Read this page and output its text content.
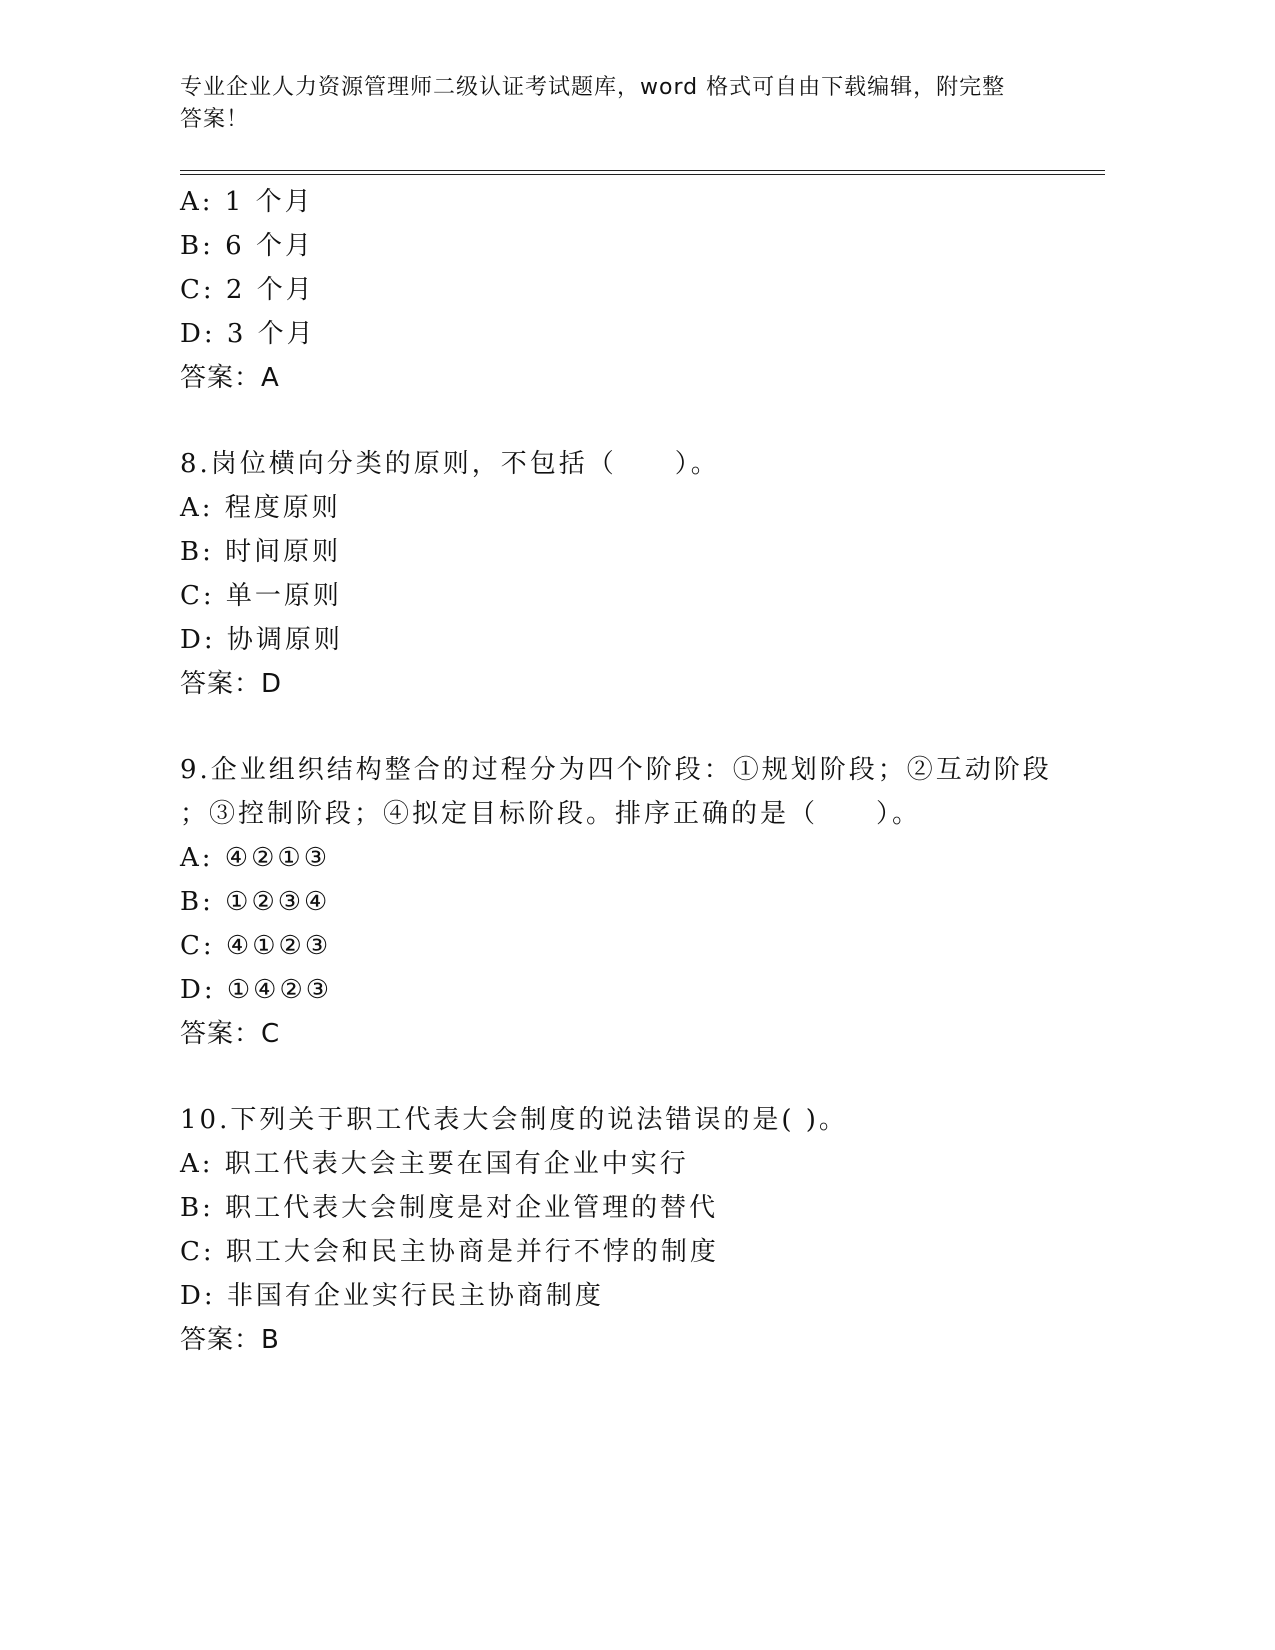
专业企业人力资源管理师二级认证考试题库，word 格式可自由下载编辑，附完整
答案！
A: 1 个月
B: 6 个月
C: 2 个月
D: 3 个月
答案：A
8.岗位横向分类的原则，不包括（　　）。
A: 程度原则
B: 时间原则
C: 单一原则
D: 协调原则
答案：D
9.企业组织结构整合的过程分为四个阶段：①规划阶段；②互动阶段
；③控制阶段；④拟定目标阶段。排序正确的是（　　）。
A: ④②①③
B: ①②③④
C: ④①②③
D: ①④②③
答案：C
10.下列关于职工代表大会制度的说法错误的是( )。
A: 职工代表大会主要在国有企业中实行
B: 职工代表大会制度是对企业管理的替代
C: 职工大会和民主协商是并行不悖的制度
D: 非国有企业实行民主协商制度
答案：B
